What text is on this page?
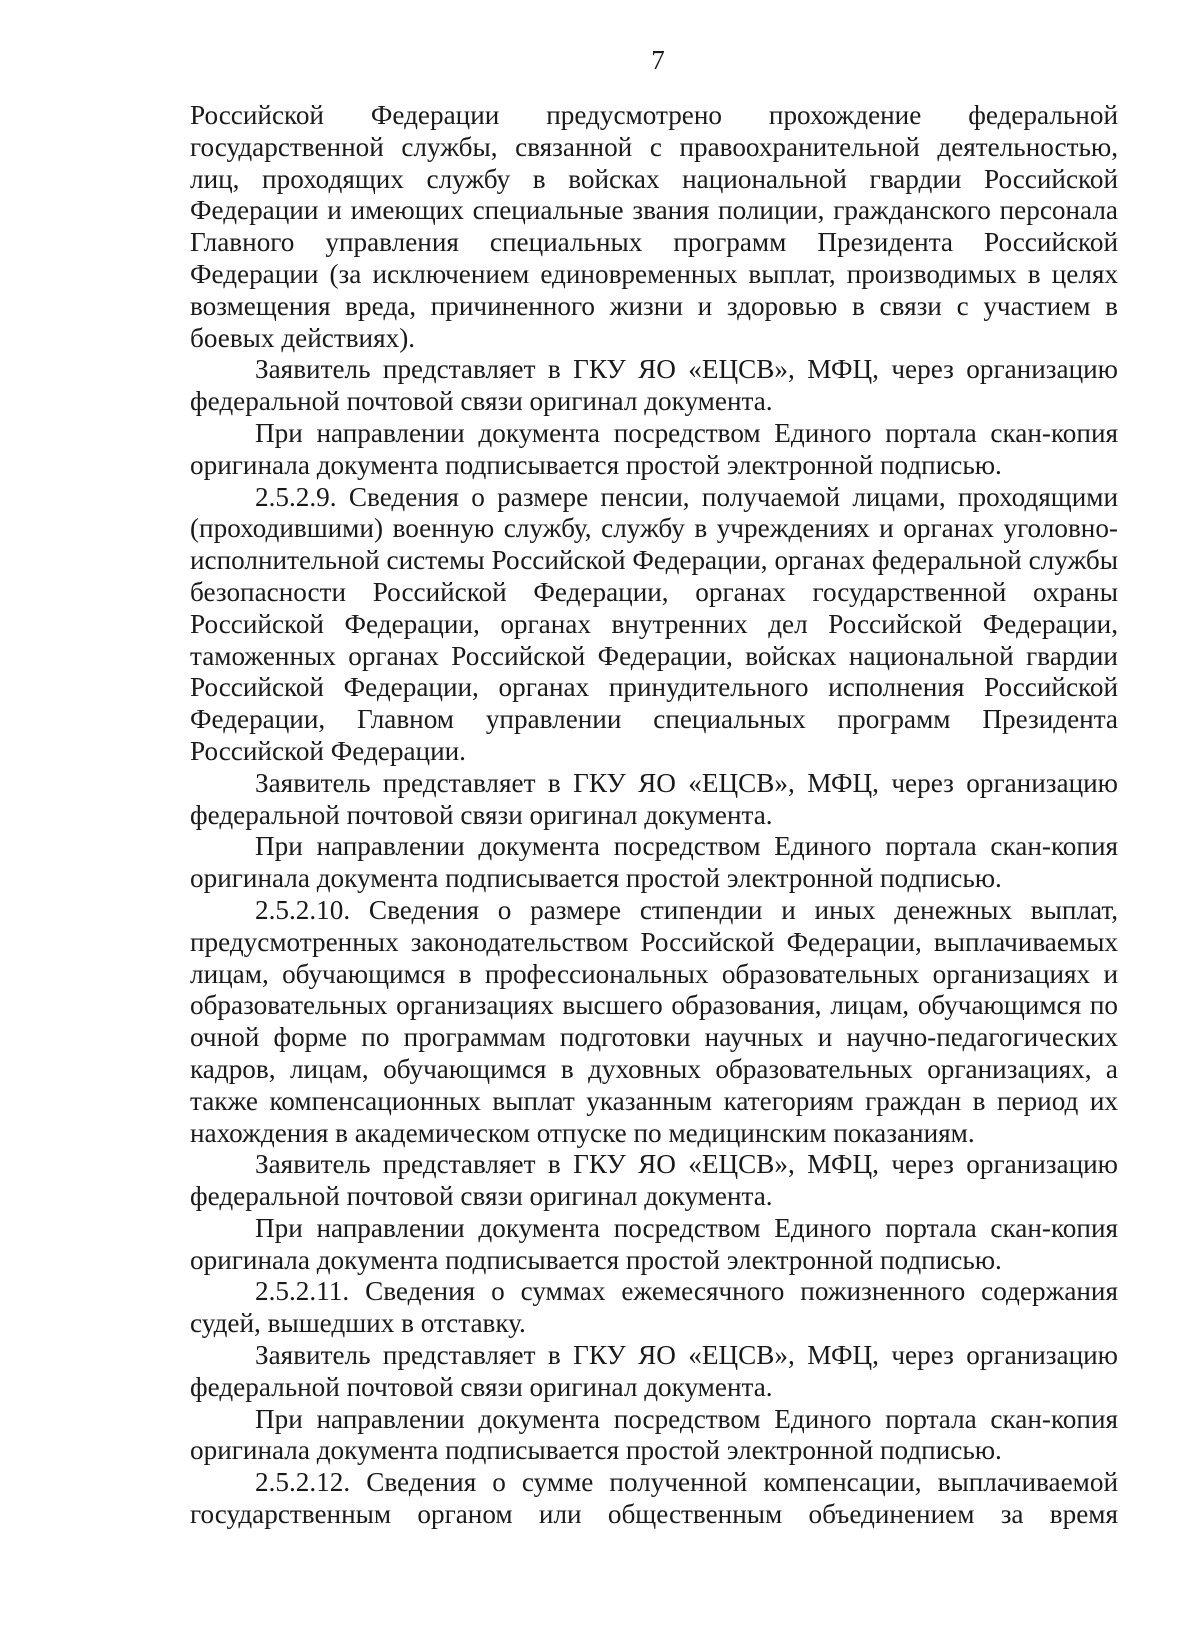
7

Российской Федерации предусмотрено прохождение федеральной государственной службы, связанной с правоохранительной деятельностью, лиц, проходящих службу в войсках национальной гвардии Российской Федерации и имеющих специальные звания полиции, гражданского персонала Главного управления специальных программ Президента Российской Федерации (за исключением единовременных выплат, производимых в целях возмещения вреда, причиненного жизни и здоровью в связи с участием в боевых действиях).

Заявитель представляет в ГКУ ЯО «ЕЦСВ», МФЦ, через организацию федеральной почтовой связи оригинал документа.

При направлении документа посредством Единого портала скан-копия оригинала документа подписывается простой электронной подписью.

2.5.2.9. Сведения о размере пенсии, получаемой лицами, проходящими (проходившими) военную службу, службу в учреждениях и органах уголовно-исполнительной системы Российской Федерации, органах федеральной службы безопасности Российской Федерации, органах государственной охраны Российской Федерации, органах внутренних дел Российской Федерации, таможенных органах Российской Федерации, войсках национальной гвардии Российской Федерации, органах принудительного исполнения Российской Федерации, Главном управлении специальных программ Президента Российской Федерации.

Заявитель представляет в ГКУ ЯО «ЕЦСВ», МФЦ, через организацию федеральной почтовой связи оригинал документа.

При направлении документа посредством Единого портала скан-копия оригинала документа подписывается простой электронной подписью.

2.5.2.10. Сведения о размере стипендии и иных денежных выплат, предусмотренных законодательством Российской Федерации, выплачиваемых лицам, обучающимся в профессиональных образовательных организациях и образовательных организациях высшего образования, лицам, обучающимся по очной форме по программам подготовки научных и научно-педагогических кадров, лицам, обучающимся в духовных образовательных организациях, а также компенсационных выплат указанным категориям граждан в период их нахождения в академическом отпуске по медицинским показаниям.

Заявитель представляет в ГКУ ЯО «ЕЦСВ», МФЦ, через организацию федеральной почтовой связи оригинал документа.

При направлении документа посредством Единого портала скан-копия оригинала документа подписывается простой электронной подписью.

2.5.2.11. Сведения о суммах ежемесячного пожизненного содержания судей, вышедших в отставку.

Заявитель представляет в ГКУ ЯО «ЕЦСВ», МФЦ, через организацию федеральной почтовой связи оригинал документа.

При направлении документа посредством Единого портала скан-копия оригинала документа подписывается простой электронной подписью.

2.5.2.12. Сведения о сумме полученной компенсации, выплачиваемой государственным органом или общественным объединением за время
